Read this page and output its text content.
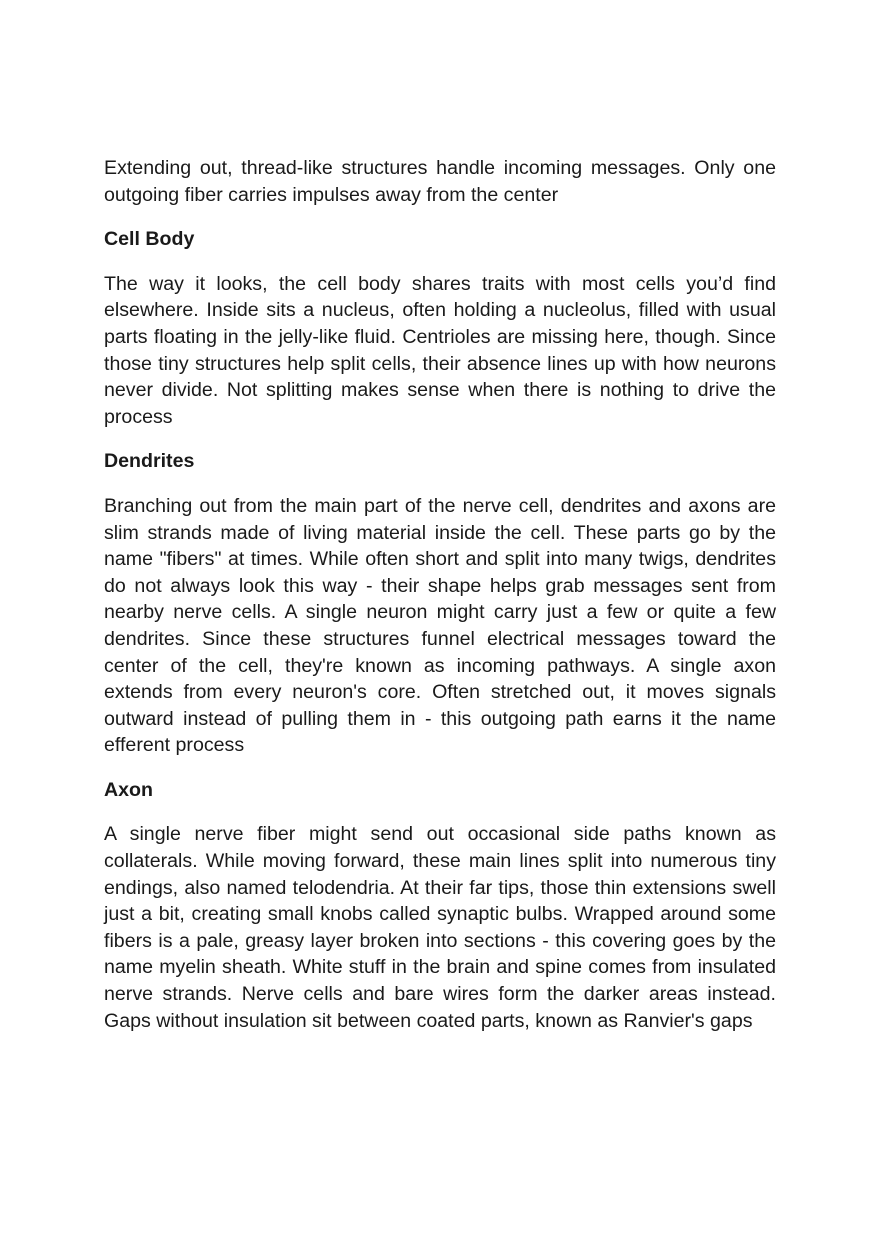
Extending out, thread-like structures handle incoming messages. Only one outgoing fiber carries impulses away from the center

Cell Body

The way it looks, the cell body shares traits with most cells you’d find elsewhere. Inside sits a nucleus, often holding a nucleolus, filled with usual parts floating in the jelly-like fluid. Centrioles are missing here, though. Since those tiny structures help split cells, their absence lines up with how neurons never divide. Not splitting makes sense when there is nothing to drive the process

Dendrites

Branching out from the main part of the nerve cell, dendrites and axons are slim strands made of living material inside the cell. These parts go by the name "fibers" at times. While often short and split into many twigs, dendrites do not always look this way - their shape helps grab messages sent from nearby nerve cells. A single neuron might carry just a few or quite a few dendrites. Since these structures funnel electrical messages toward the center of the cell, they're known as incoming pathways. A single axon extends from every neuron's core. Often stretched out, it moves signals outward instead of pulling them in - this outgoing path earns it the name efferent process

Axon

A single nerve fiber might send out occasional side paths known as collaterals. While moving forward, these main lines split into numerous tiny endings, also named telodendria. At their far tips, those thin extensions swell just a bit, creating small knobs called synaptic bulbs. Wrapped around some fibers is a pale, greasy layer broken into sections - this covering goes by the name myelin sheath. White stuff in the brain and spine comes from insulated nerve strands. Nerve cells and bare wires form the darker areas instead. Gaps without insulation sit between coated parts, known as Ranvier's gaps
